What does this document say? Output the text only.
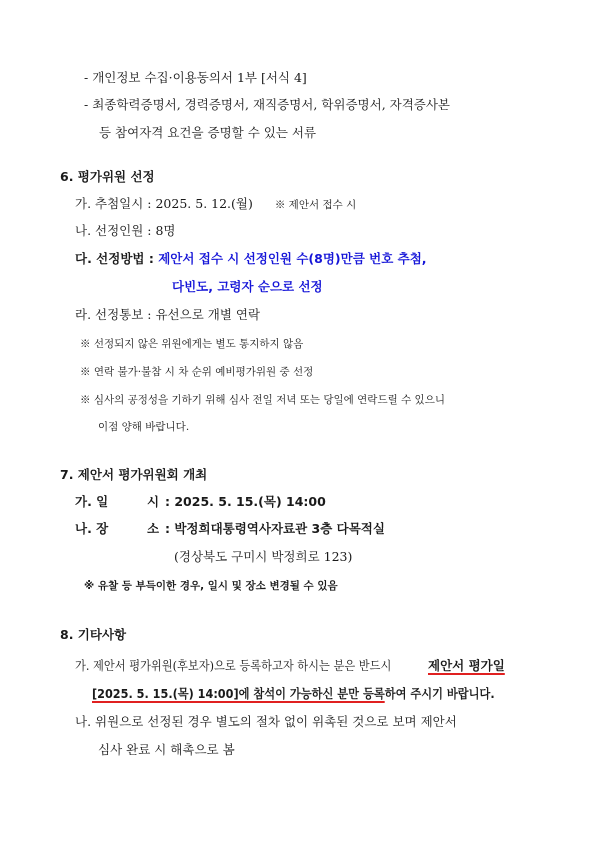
- 개인정보 수집·이용동의서 1부 [서식 4]
- 최종학력증명서, 경력증명서, 재직증명서, 학위증명서, 자격증사본
등 참여자격 요건을 증명할 수 있는 서류
6. 평가위원 선정
가. 추첨일시 : 2025. 5. 12.(월) ※ 제안서 접수 시
나. 선정인원 : 8명
다. 선정방법 : 제안서 접수 시 선정인원 수(8명)만큼 번호 추첨,
다빈도, 고령자 순으로 선정
라. 선정통보 : 유선으로 개별 연락
※ 선정되지 않은 위원에게는 별도 통지하지 않음
※ 연락 불가·불참 시 차 순위 예비평가위원 중 선정
※ 심사의 공정성을 기하기 위해 심사 전일 저녁 또는 당일에 연락드릴 수 있으니
이점 양해 바랍니다.
7. 제안서 평가위원회 개최
가. 일	시 : 2025. 5. 15.(목) 14:00
나. 장	소 : 박정희대통령역사자료관 3층 다목적실
(경상북도 구미시 박정희로 123)
※ 유찰 등 부득이한 경우, 일시 및 장소 변경될 수 있음
8. 기타사항
가. 제안서 평가위원(후보자)으로 등록하고자 하시는 분은 반드시	제안서 평가일
[2025. 5. 15.(목) 14:00]에 참석이 가능하신 분만 등록하여 주시기 바랍니다.
나. 위원으로 선정된 경우 별도의 절차 없이 위촉된 것으로 보며 제안서
심사 완료 시 해촉으로 봄
